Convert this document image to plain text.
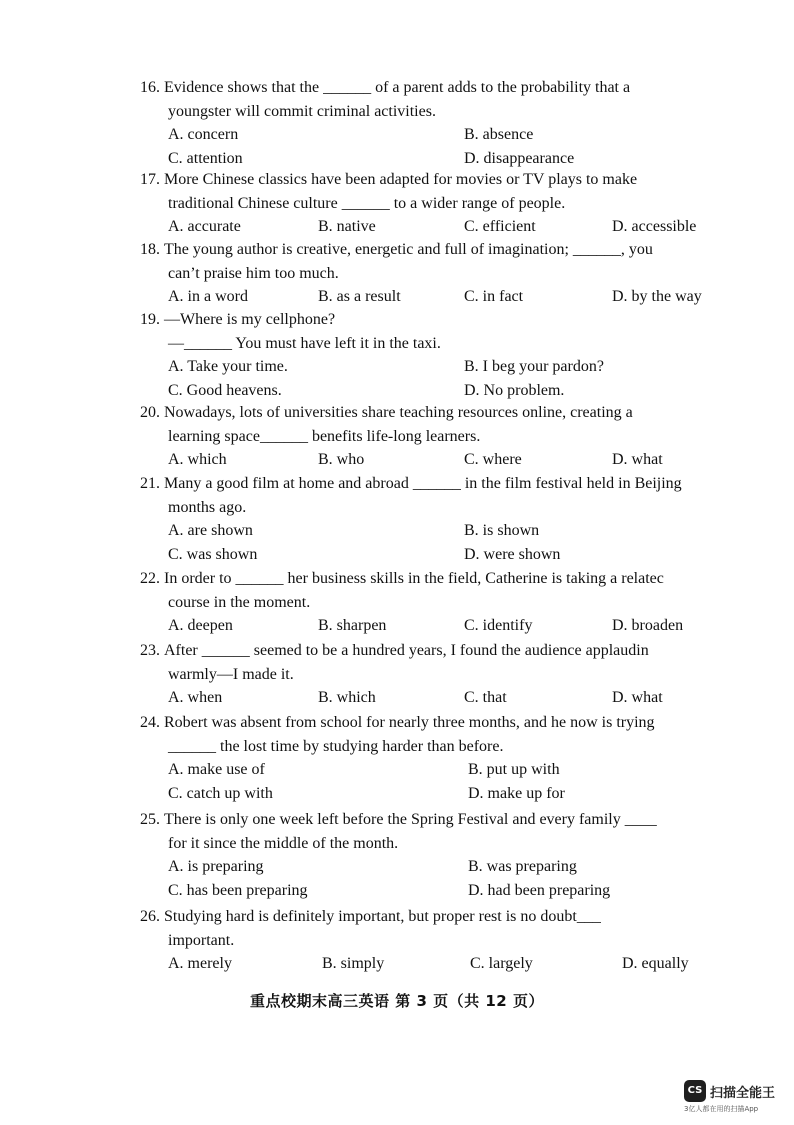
16. Evidence shows that the ______ of a parent adds to the probability that a
youngster will commit criminal activities.
A. concern	B. absence
C. attention	D. disappearance
17. More Chinese classics have been adapted for movies or TV plays to make
traditional Chinese culture ______ to a wider range of people.
A. accurate	B. native	C. efficient	D. accessible
18. The young author is creative, energetic and full of imagination; ______, you
can’t praise him too much.
A. in a word	B. as a result	C. in fact	D. by the way
19. —Where is my cellphone?
—______ You must have left it in the taxi.
A. Take your time.	B. I beg your pardon?
C. Good heavens.	D. No problem.
20. Nowadays, lots of universities share teaching resources online, creating a
learning space______ benefits life-long learners.
A. which	B. who	C. where	D. what
21. Many a good film at home and abroad ______ in the film festival held in Beijing
months ago.
A. are shown	B. is shown
C. was shown	D. were shown
22. In order to ______ her business skills in the field, Catherine is taking a relatec
course in the moment.
A. deepen	B. sharpen	C. identify	D. broaden
23. After ______ seemed to be a hundred years, I found the audience applaudin
warmly—I made it.
A. when	B. which	C. that	D. what
24. Robert was absent from school for nearly three months, and he now is trying
______ the lost time by studying harder than before.
A. make use of	B. put up with
C. catch up with	D. make up for
25. There is only one week left before the Spring Festival and every family ____
for it since the middle of the month.
A. is preparing	B. was preparing
C. has been preparing	D. had been preparing
26. Studying hard is definitely important, but proper rest is no doubt___
important.
A. merely	B. simply	C. largely	D. equally
重点校期末高三英语 第 3 页（共 12 页）
CS 扫描全能王
3亿人都在用的扫描App
